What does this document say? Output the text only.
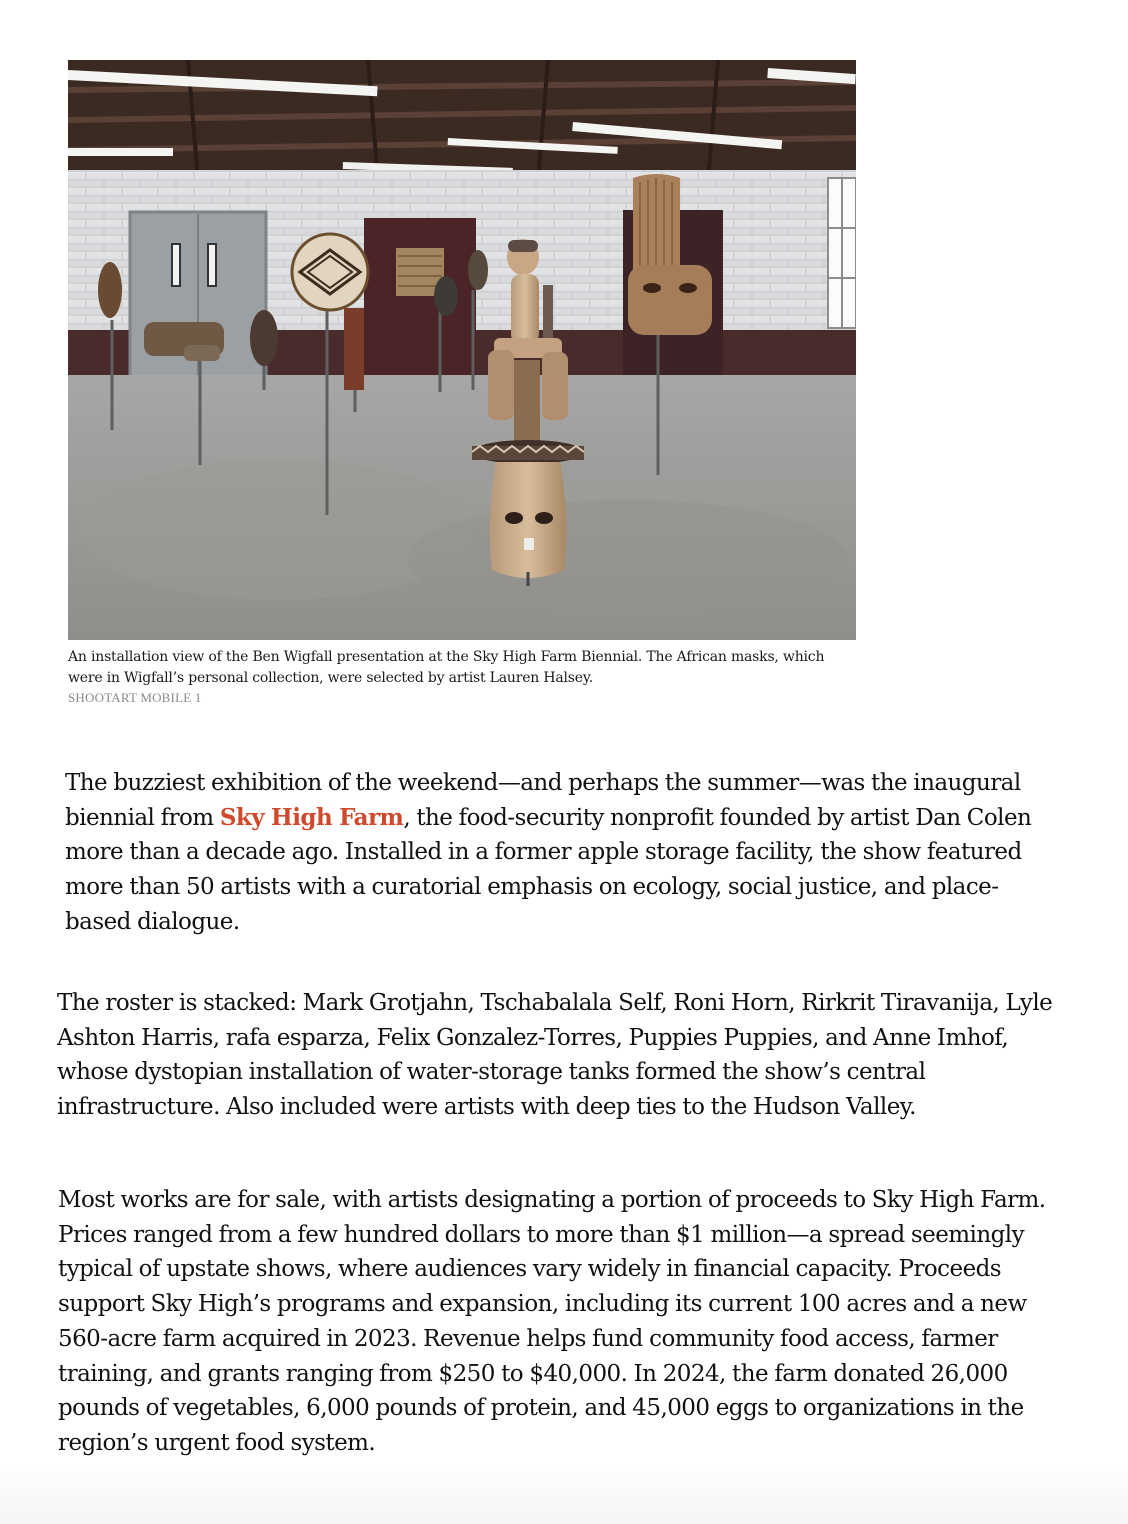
An installation view of the Ben Wigfall presentation at the Sky High Farm Biennial. The African masks, which were in Wigfall’s personal collection, were selected by artist Lauren Halsey.
SHOOTART MOBILE 1

The buzziest exhibition of the weekend—and perhaps the summer—was the inaugural biennial from Sky High Farm, the food-security nonprofit founded by artist Dan Colen more than a decade ago. Installed in a former apple storage facility, the show featured more than 50 artists with a curatorial emphasis on ecology, social justice, and place-based dialogue.

The roster is stacked: Mark Grotjahn, Tschabalala Self, Roni Horn, Rirkrit Tiravanija, Lyle Ashton Harris, rafa esparza, Felix Gonzalez-Torres, Puppies Puppies, and Anne Imhof, whose dystopian installation of water-storage tanks formed the show’s central infrastructure. Also included were artists with deep ties to the Hudson Valley.

Most works are for sale, with artists designating a portion of proceeds to Sky High Farm. Prices ranged from a few hundred dollars to more than $1 million—a spread seemingly typical of upstate shows, where audiences vary widely in financial capacity. Proceeds support Sky High’s programs and expansion, including its current 100 acres and a new 560-acre farm acquired in 2023. Revenue helps fund community food access, farmer training, and grants ranging from $250 to $40,000. In 2024, the farm donated 26,000 pounds of vegetables, 6,000 pounds of protein, and 45,000 eggs to organizations in the region’s urgent food system.
